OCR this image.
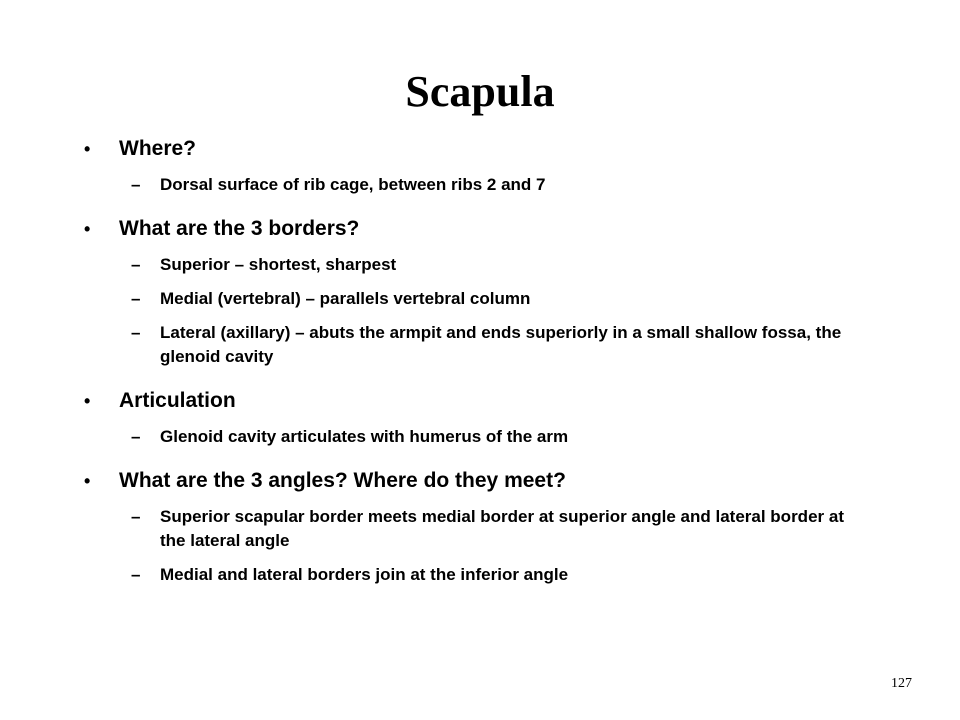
Scapula
• Where?
– Dorsal surface of rib cage, between ribs 2 and 7
• What are the 3 borders?
– Superior – shortest, sharpest
– Medial (vertebral) – parallels vertebral column
– Lateral (axillary) – abuts the armpit and ends superiorly in a small shallow fossa, the glenoid cavity
• Articulation
– Glenoid cavity articulates with humerus of the arm
• What are the 3 angles? Where do they meet?
– Superior scapular border meets medial border at superior angle and lateral border at the lateral angle
– Medial and lateral borders join at the inferior angle
127
